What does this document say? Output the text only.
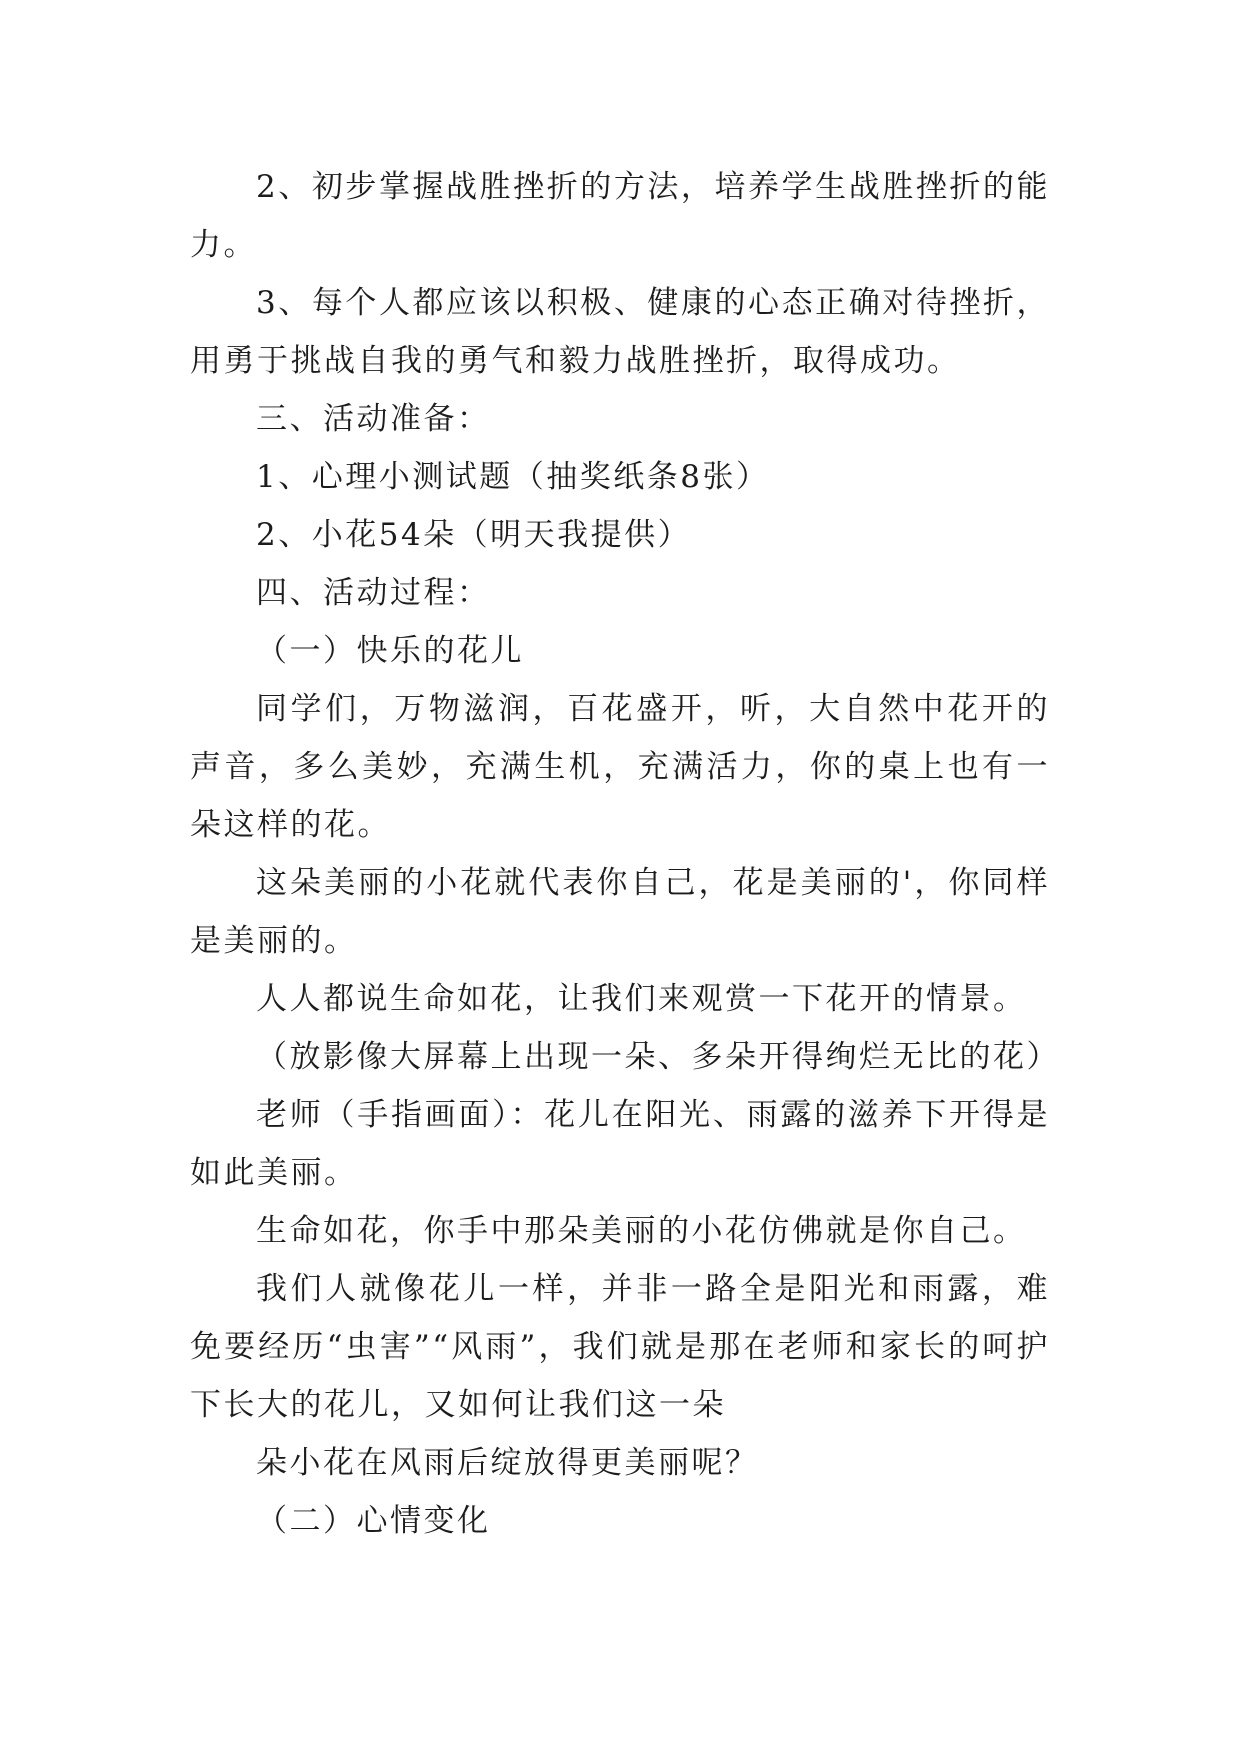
2、初步掌握战胜挫折的方法，培养学生战胜挫折的能力。

3、每个人都应该以积极、健康的心态正确对待挫折，用勇于挑战自我的勇气和毅力战胜挫折，取得成功。

三、活动准备：

1、心理小测试题（抽奖纸条8张）

2、小花54朵（明天我提供）

四、活动过程：

（一）快乐的花儿

同学们，万物滋润，百花盛开，听，大自然中花开的声音，多么美妙，充满生机，充满活力，你的桌上也有一朵这样的花。

这朵美丽的小花就代表你自己，花是美丽的'，你同样是美丽的。

人人都说生命如花，让我们来观赏一下花开的情景。

（放影像大屏幕上出现一朵、多朵开得绚烂无比的花）

老师（手指画面）：花儿在阳光、雨露的滋养下开得是如此美丽。

生命如花，你手中那朵美丽的小花仿佛就是你自己。

我们人就像花儿一样，并非一路全是阳光和雨露，难免要经历“虫害”“风雨”，我们就是那在老师和家长的呵护下长大的花儿，又如何让我们这一朵

朵小花在风雨后绽放得更美丽呢？

（二）心情变化
